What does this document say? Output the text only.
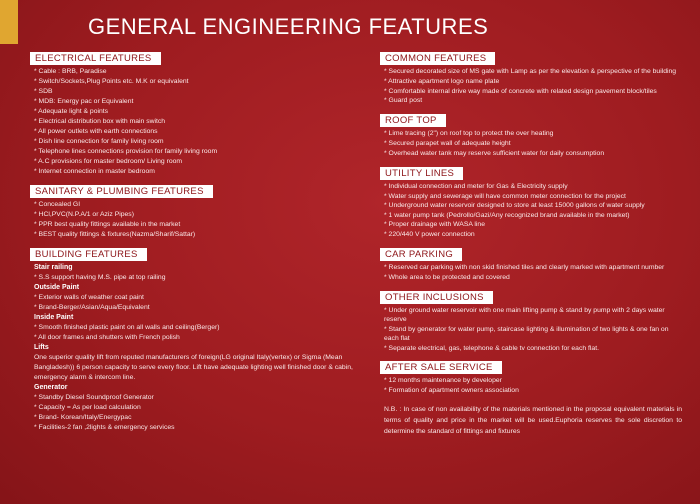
GENERAL ENGINEERING FEATURES
ELECTRICAL FEATURES
* Cable : BRB, Paradise
* Switch/Sockets,Plug Points etc. M.K or equivalent
* SDB
* MDB: Energy pac or Equivalent
* Adequate light & points
* Electrical distribution box with main switch
* All power outlets with earth connections
* Dish line connection for family living room
* Telephone lines connections provision for family living room
* A.C provisions for master bedroom/ Living room
* Internet connection in master bedroom
SANITARY & PLUMBING FEATURES
* Concealed GI
* HCl,PVC(N.P.A/1 or Aziz Pipes)
* PPR best quality fittings available in the market
* BEST quality fittings & fixtures(Nazma/Sharif/Sattar)
BUILDING FEATURES
Stair railing
* S.S support having M.S. pipe at top railing
Outside Paint
* Exterior walls of weather coat paint
* Brand-Berger/Asian/Aqua/Equivalent
Inside Paint
* Smooth finished plastic paint on all walls and ceiling(Berger)
* All door frames and shutters with French polish
Lifts
One superior quality lift from reputed manufacturers of foreign(LG original Italy(vertex) or Sigma (Mean Bangladesh)) 6 person capacity to serve every floor. Lift have adequate lighting well finished door & cabin, emergency alarm & intercom line.
Generator
* Standby Diesel Soundproof Generator
* Capacity = As per load calculation
* Brand- Korean/Italy/Energypac
* Facilities-2 fan ,2lights & emergency services
COMMON FEATURES
* Secured decorated size of MS gate with Lamp as per the elevation & perspective of the building
* Attractive apartment logo name plate
* Comfortable internal drive way made of concrete with related design pavement block/tiles
* Guard post
ROOF TOP
* Lime tracing (2") on roof top to protect the over heating
* Secured parapet wall of adequate height
* Overhead water tank may reserve sufficient water for daily consumption
UTILITY LINES
* Individual connection and meter for Gas & Electricity supply
* Water supply and sewerage will have common meter connection for the project
* Underground water reservoir designed to store at least 15000 gallons of water supply
* 1 water pump tank (Pedrollo/Gazi/Any recognized brand available in the market)
* Proper drainage with WASA line
* 220/440 V power connection
CAR PARKING
* Reserved car parking with non skid finished tiles and clearly marked with apartment number
* Whole area to be protected and covered
OTHER INCLUSIONS
* Under ground water reservoir with one main lifting pump & stand by pump with 2 days water reserve
* Stand by generator for water pump, staircase lighting & illumination of two lights & one fan on each flat
* Separate electrical, gas, telephone & cable tv connection for each flat.
AFTER SALE SERVICE
* 12 months maintenance by developer
* Formation of apartment owners association
N.B. : In case of non availability of the materials mentioned in the proposal equivalent materials in terms of quality and price in the market will be used.Euphoria reserves the sole discretion to determine the standard of fittings and fixtures
